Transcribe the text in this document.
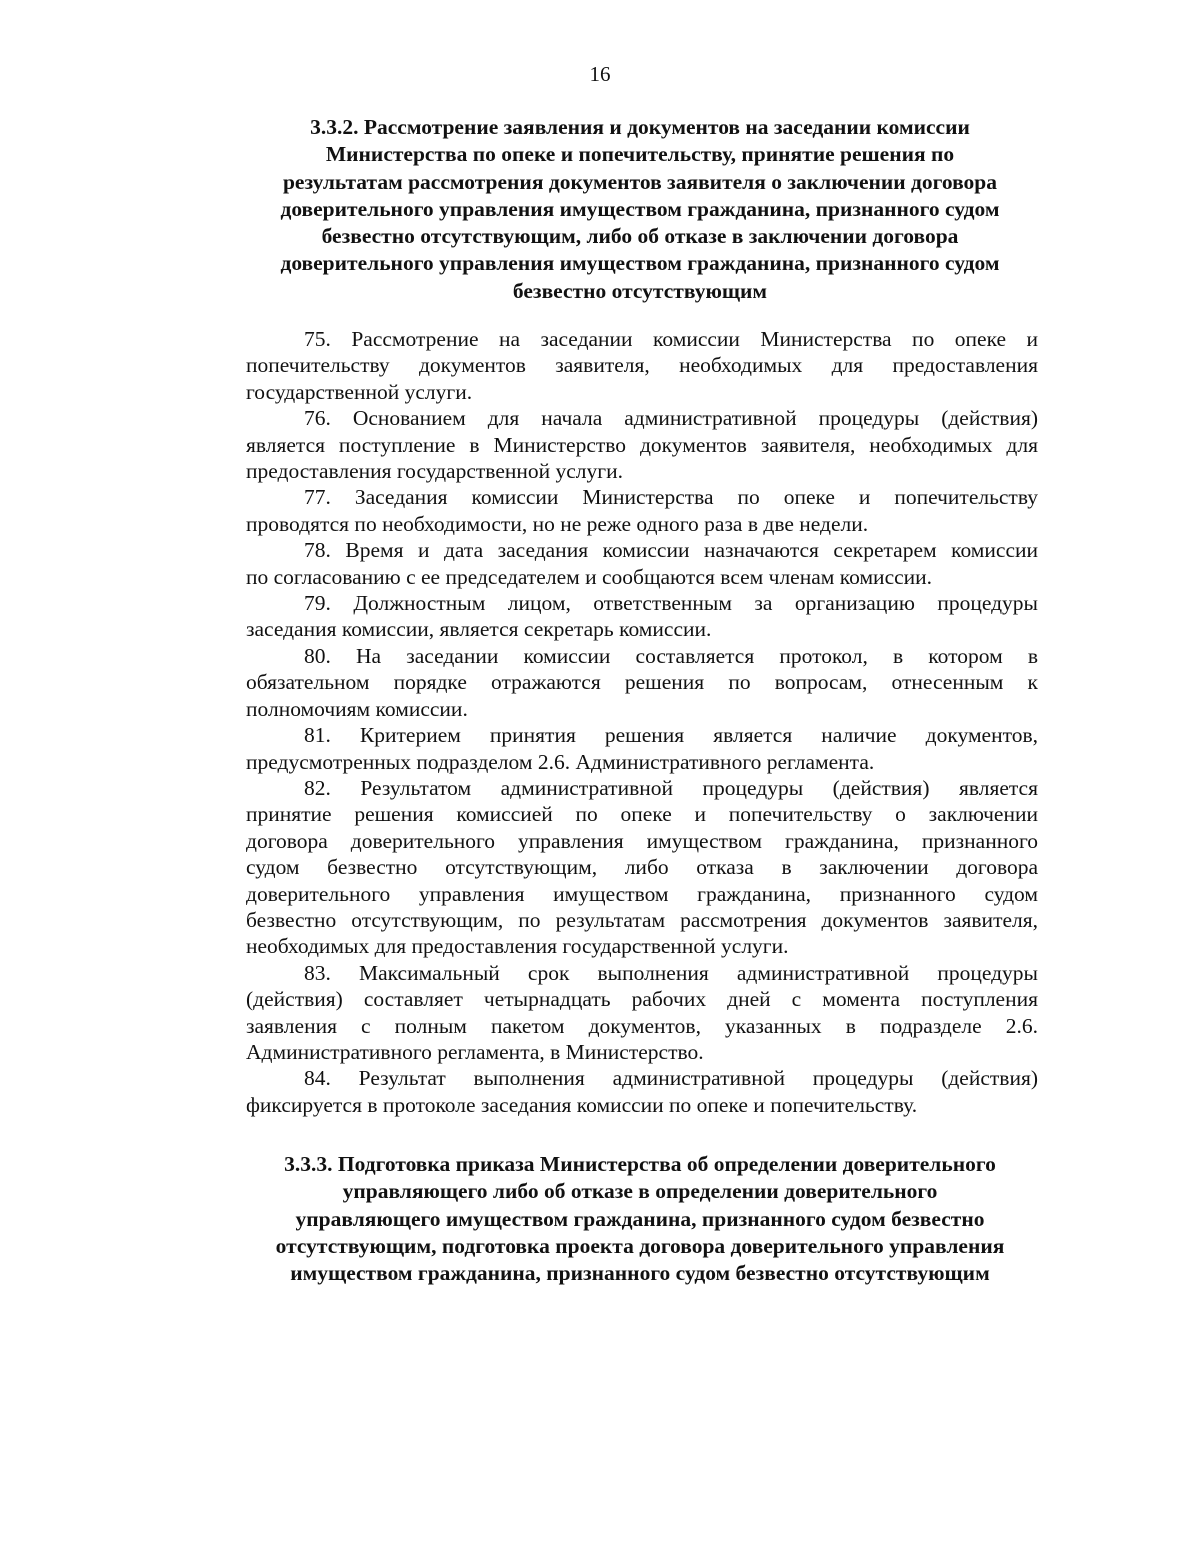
16
3.3.2. Рассмотрение заявления и документов на заседании комиссии
Министерства по опеке и попечительству, принятие решения по
результатам рассмотрения документов заявителя о заключении договора
доверительного управления имуществом гражданина, признанного судом
безвестно отсутствующим, либо об отказе в заключении договора
доверительного управления имуществом гражданина, признанного судом
безвестно отсутствующим

75. Рассмотрение на заседании комиссии Министерства по опеке и
попечительству документов заявителя, необходимых для предоставления
государственной услуги.

76. Основанием для начала административной процедуры (действия)
является поступление в Министерство документов заявителя, необходимых для
предоставления государственной услуги.

77. Заседания комиссии Министерства по опеке и попечительству
проводятся по необходимости, но не реже одного раза в две недели.

78. Время и дата заседания комиссии назначаются секретарем комиссии
по согласованию с ее председателем и сообщаются всем членам комиссии.

79. Должностным лицом, ответственным за организацию процедуры
заседания комиссии, является секретарь комиссии.

80. На заседании комиссии составляется протокол, в котором в
обязательном порядке отражаются решения по вопросам, отнесенным к
полномочиям комиссии.

81. Критерием принятия решения является наличие документов,
предусмотренных подразделом 2.6. Административного регламента.

82. Результатом административной процедуры (действия) является
принятие решения комиссией по опеке и попечительству о заключении
договора доверительного управления имуществом гражданина, признанного
судом безвестно отсутствующим, либо отказа в заключении договора
доверительного управления имуществом гражданина, признанного судом
безвестно отсутствующим, по результатам рассмотрения документов заявителя,
необходимых для предоставления государственной услуги.

83. Максимальный срок выполнения административной процедуры
(действия) составляет четырнадцать рабочих дней с момента поступления
заявления с полным пакетом документов, указанных в подразделе 2.6.
Административного регламента, в Министерство.

84. Результат выполнения административной процедуры (действия)
фиксируется в протоколе заседания комиссии по опеке и попечительству.

3.3.3. Подготовка приказа Министерства об определении доверительного
управляющего либо об отказе в определении доверительного
управляющего имуществом гражданина, признанного судом безвестно
отсутствующим, подготовка проекта договора доверительного управления
имуществом гражданина, признанного судом безвестно отсутствующим
